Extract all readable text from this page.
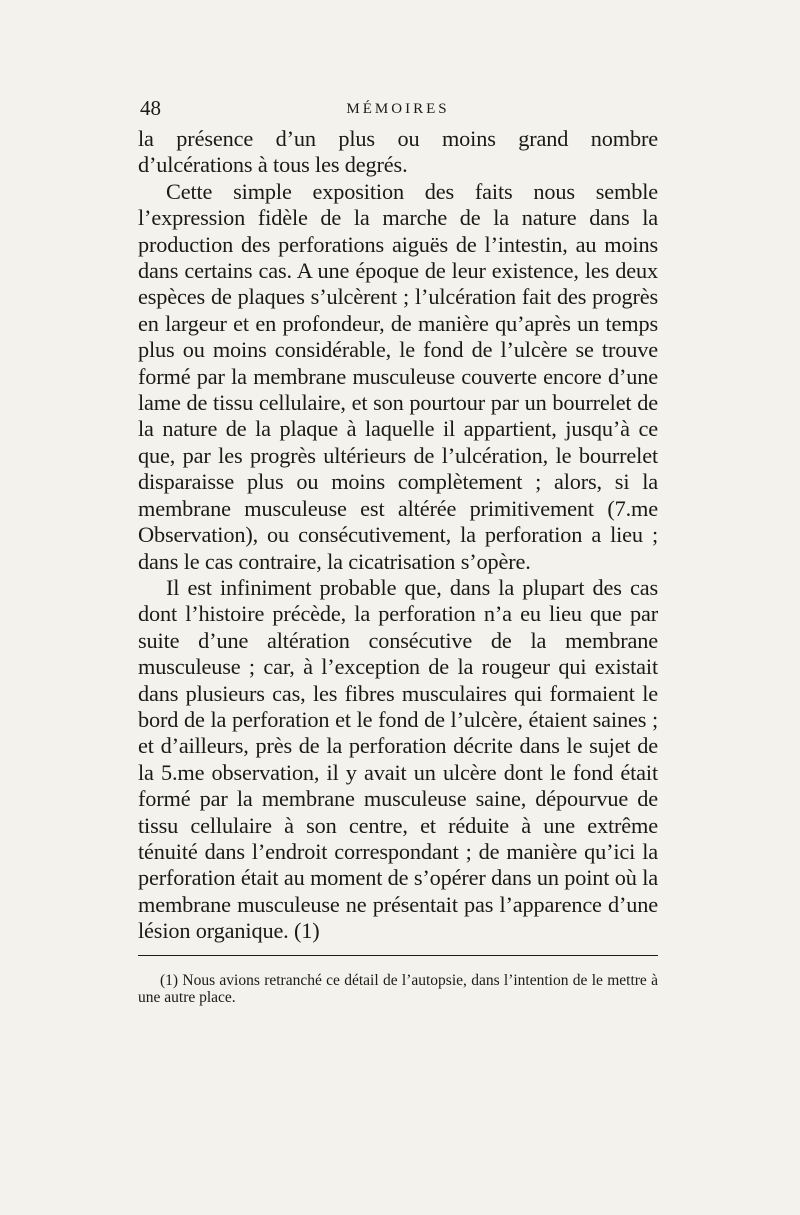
48	MÉMOIRES

la présence d’un plus ou moins grand nombre d’ulcérations à tous les degrés.

Cette simple exposition des faits nous semble l’expression fidèle de la marche de la nature dans la production des perforations aiguës de l’intestin, au moins dans certains cas. A une époque de leur existence, les deux espèces de plaques s’ulcèrent ; l’ulcération fait des progrès en largeur et en profondeur, de manière qu’après un temps plus ou moins considérable, le fond de l’ulcère se trouve formé par la membrane musculeuse couverte encore d’une lame de tissu cellulaire, et son pourtour par un bourrelet de la nature de la plaque à laquelle il appartient, jusqu’à ce que, par les progrès ultérieurs de l’ulcération, le bourrelet disparaisse plus ou moins complètement ; alors, si la membrane musculeuse est altérée primitivement (7.me Observation), ou consécutivement, la perforation a lieu ; dans le cas contraire, la cicatrisation s’opère.

Il est infiniment probable que, dans la plupart des cas dont l’histoire précède, la perforation n’a eu lieu que par suite d’une altération consécutive de la membrane musculeuse ; car, à l’exception de la rougeur qui existait dans plusieurs cas, les fibres musculaires qui formaient le bord de la perforation et le fond de l’ulcère, étaient saines ; et d’ailleurs, près de la perforation décrite dans le sujet de la 5.me observation, il y avait un ulcère dont le fond était formé par la membrane musculeuse saine, dépourvue de tissu cellulaire à son centre, et réduite à une extrême ténuité dans l’endroit correspondant ; de manière qu’ici la perforation était au moment de s’opérer dans un point où la membrane musculeuse ne présentait pas l’apparence d’une lésion organique. (1)

(1) Nous avions retranché ce détail de l’autopsie, dans l’intention de le mettre à une autre place.
